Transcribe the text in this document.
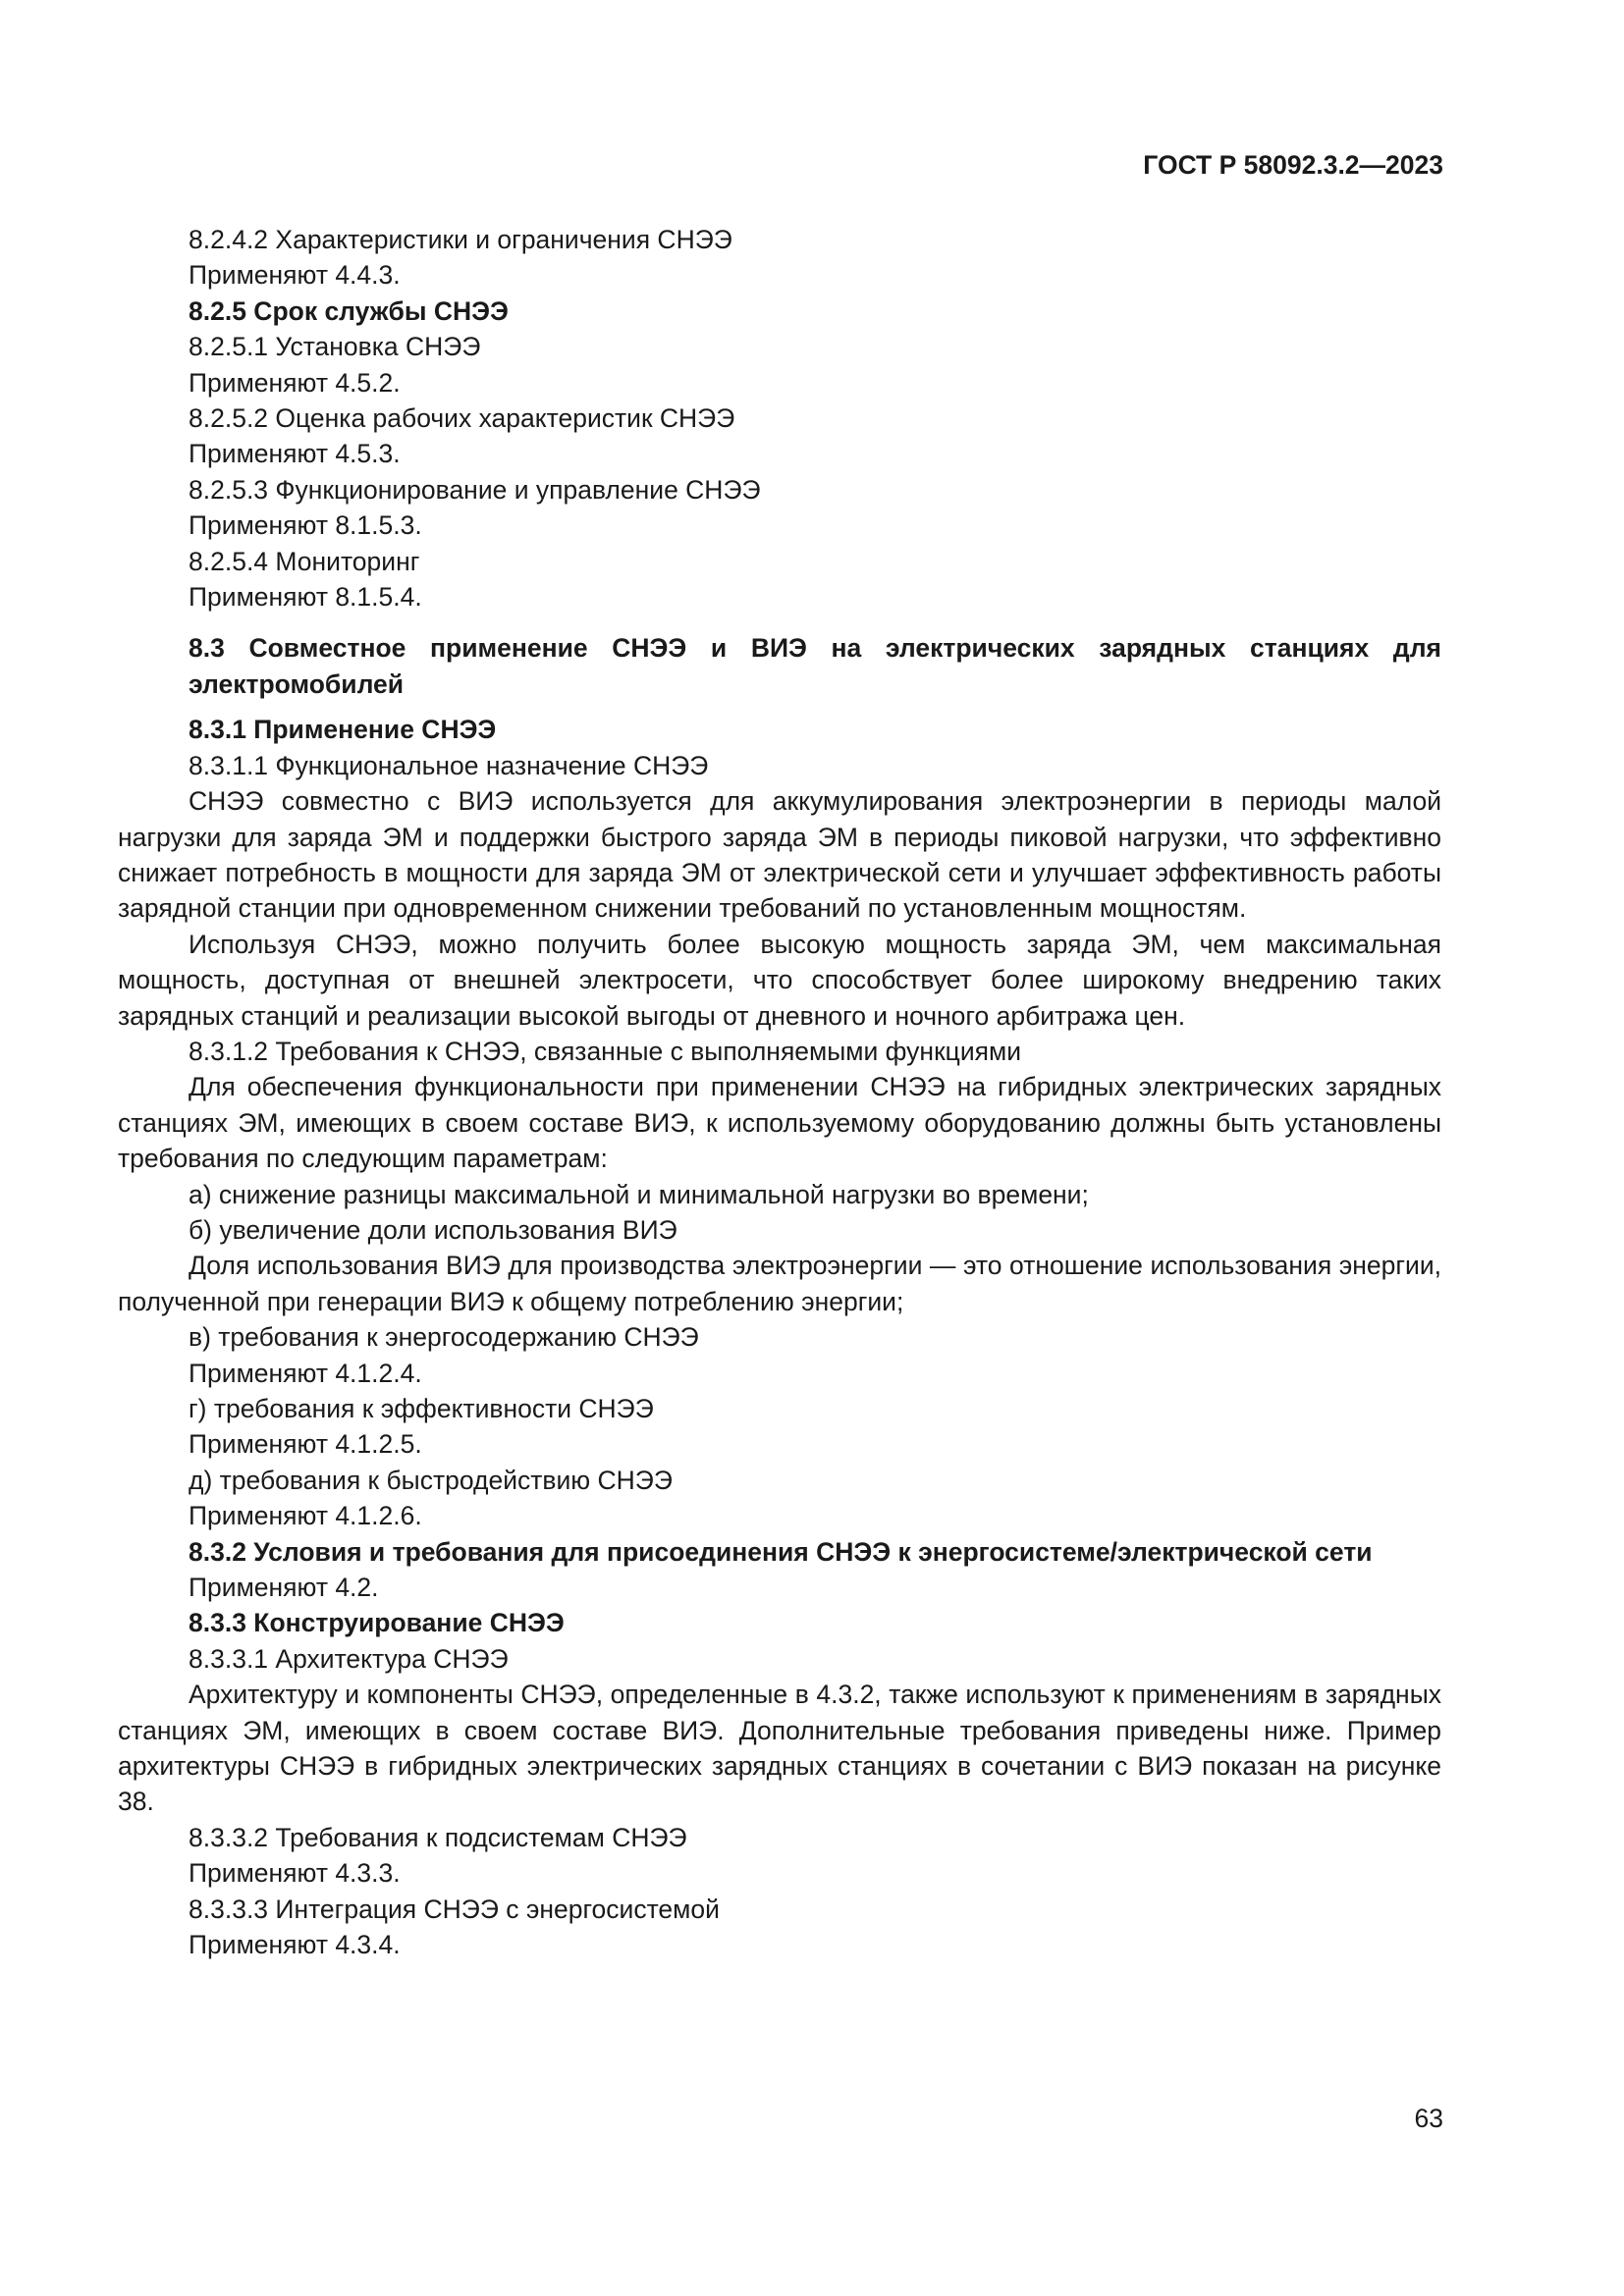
ГОСТ Р 58092.3.2—2023
8.2.4.2 Характеристики и ограничения СНЭЭ
Применяют 4.4.3.
8.2.5 Срок службы СНЭЭ
8.2.5.1 Установка СНЭЭ
Применяют 4.5.2.
8.2.5.2 Оценка рабочих характеристик СНЭЭ
Применяют 4.5.3.
8.2.5.3 Функционирование и управление СНЭЭ
Применяют 8.1.5.3.
8.2.5.4 Мониторинг
Применяют 8.1.5.4.
8.3 Совместное применение СНЭЭ и ВИЭ на электрических зарядных станциях для электромобилей
8.3.1 Применение СНЭЭ
8.3.1.1 Функциональное назначение СНЭЭ
СНЭЭ совместно с ВИЭ используется для аккумулирования электроэнергии в периоды малой нагрузки для заряда ЭМ и поддержки быстрого заряда ЭМ в периоды пиковой нагрузки, что эффективно снижает потребность в мощности для заряда ЭМ от электрической сети и улучшает эффективность работы зарядной станции при одновременном снижении требований по установленным мощностям.
Используя СНЭЭ, можно получить более высокую мощность заряда ЭМ, чем максимальная мощность, доступная от внешней электросети, что способствует более широкому внедрению таких зарядных станций и реализации высокой выгоды от дневного и ночного арбитража цен.
8.3.1.2 Требования к СНЭЭ, связанные с выполняемыми функциями
Для обеспечения функциональности при применении СНЭЭ на гибридных электрических зарядных станциях ЭМ, имеющих в своем составе ВИЭ, к используемому оборудованию должны быть установлены требования по следующим параметрам:
а) снижение разницы максимальной и минимальной нагрузки во времени;
б) увеличение доли использования ВИЭ
Доля использования ВИЭ для производства электроэнергии — это отношение использования энергии, полученной при генерации ВИЭ к общему потреблению энергии;
в) требования к энергосодержанию СНЭЭ
Применяют 4.1.2.4.
г) требования к эффективности СНЭЭ
Применяют 4.1.2.5.
д) требования к быстродействию СНЭЭ
Применяют 4.1.2.6.
8.3.2 Условия и требования для присоединения СНЭЭ к энергосистеме/электрической сети
Применяют 4.2.
8.3.3 Конструирование СНЭЭ
8.3.3.1 Архитектура СНЭЭ
Архитектуру и компоненты СНЭЭ, определенные в 4.3.2, также используют к применениям в зарядных станциях ЭМ, имеющих в своем составе ВИЭ. Дополнительные требования приведены ниже. Пример архитектуры СНЭЭ в гибридных электрических зарядных станциях в сочетании с ВИЭ показан на рисунке 38.
8.3.3.2 Требования к подсистемам СНЭЭ
Применяют 4.3.3.
8.3.3.3 Интеграция СНЭЭ с энергосистемой
Применяют 4.3.4.
63
